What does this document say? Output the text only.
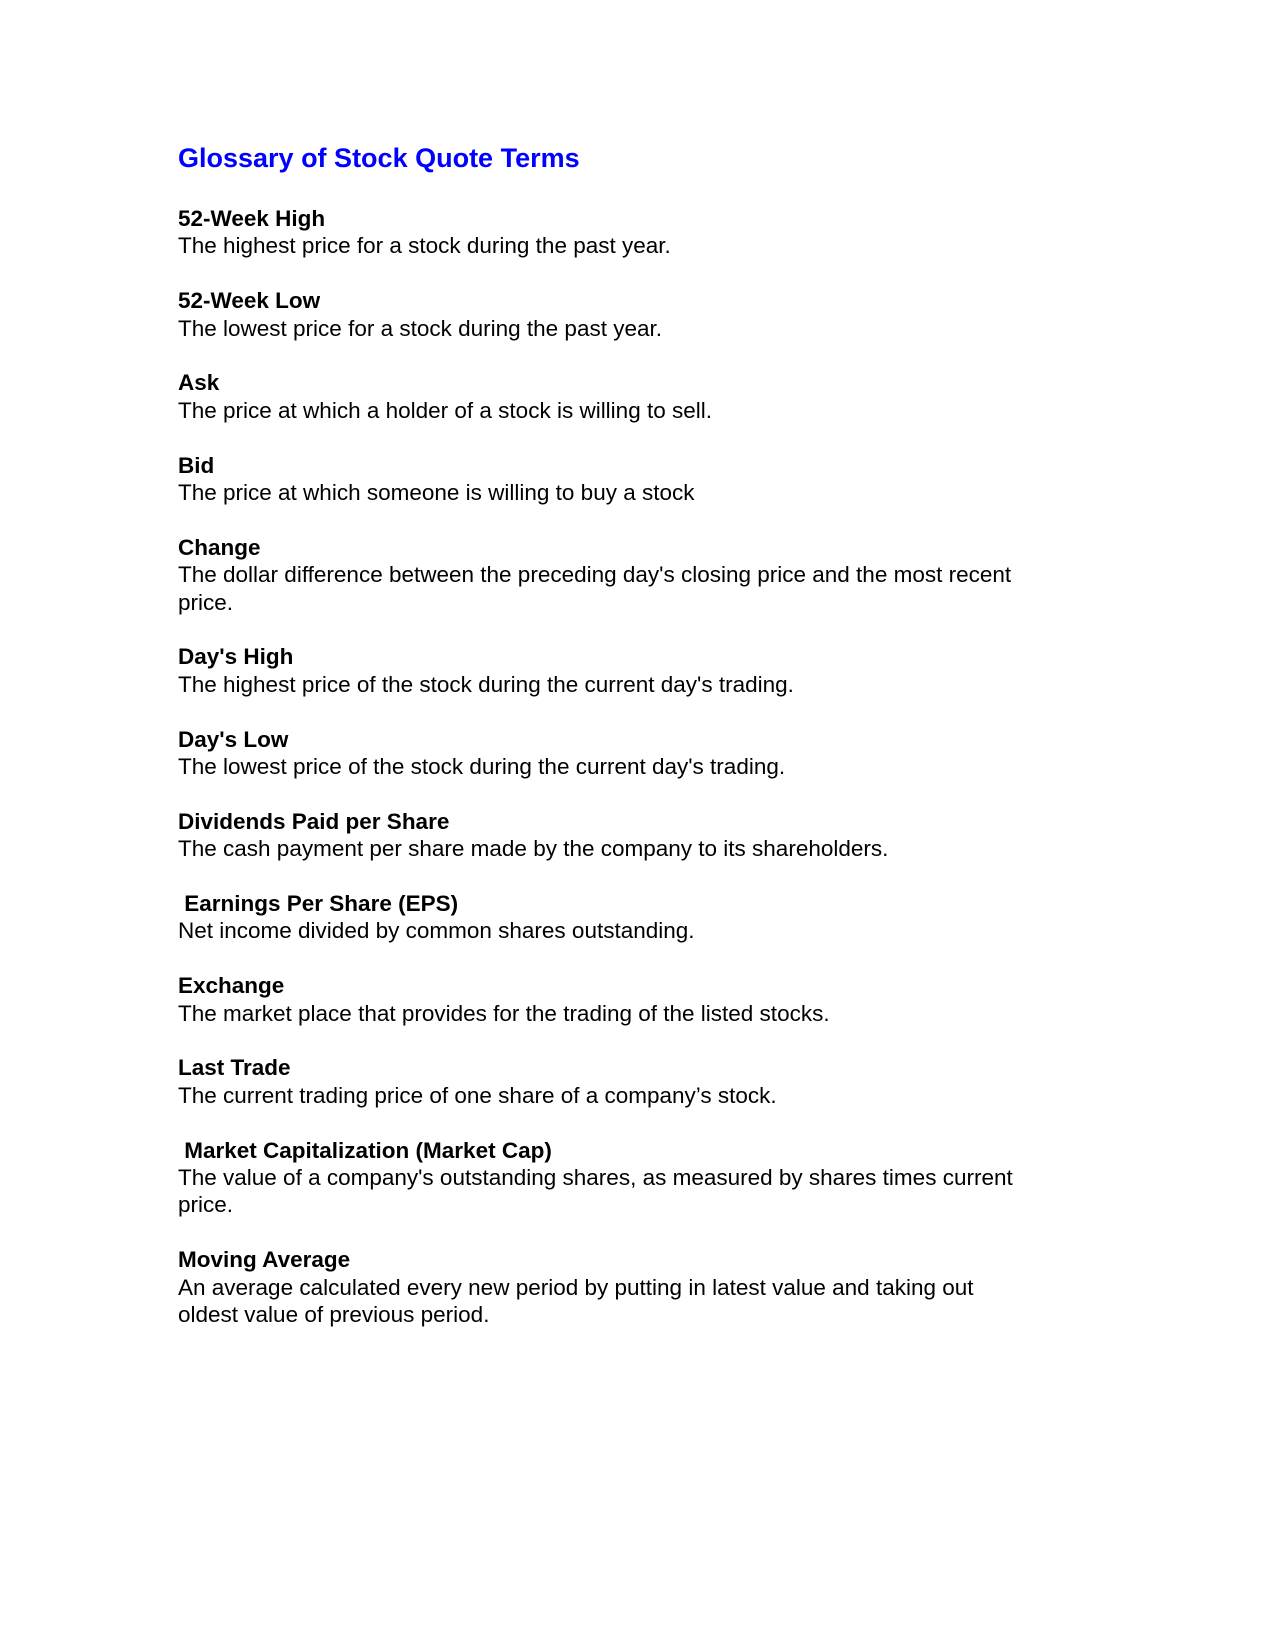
Glossary of Stock Quote Terms
52-Week High
The highest price for a stock during the past year.
52-Week Low
The lowest price for a stock during the past year.
Ask
The price at which a holder of a stock is willing to sell.
Bid
The price at which someone is willing to buy a stock
Change
The dollar difference between the preceding day's closing price and the most recent price.
Day's High
The highest price of the stock during the current day's trading.
Day's Low
The lowest price of the stock during the current day's trading.
Dividends Paid per Share
The cash payment per share made by the company to its shareholders.
Earnings Per Share (EPS)
Net income divided by common shares outstanding.
Exchange
The market place that provides for the trading of the listed stocks.
Last Trade
The current trading price of one share of a company’s stock.
Market Capitalization (Market Cap)
The value of a company's outstanding shares, as measured by shares times current price.
Moving Average
An average calculated every new period by putting in latest value and taking out oldest value of previous period.
